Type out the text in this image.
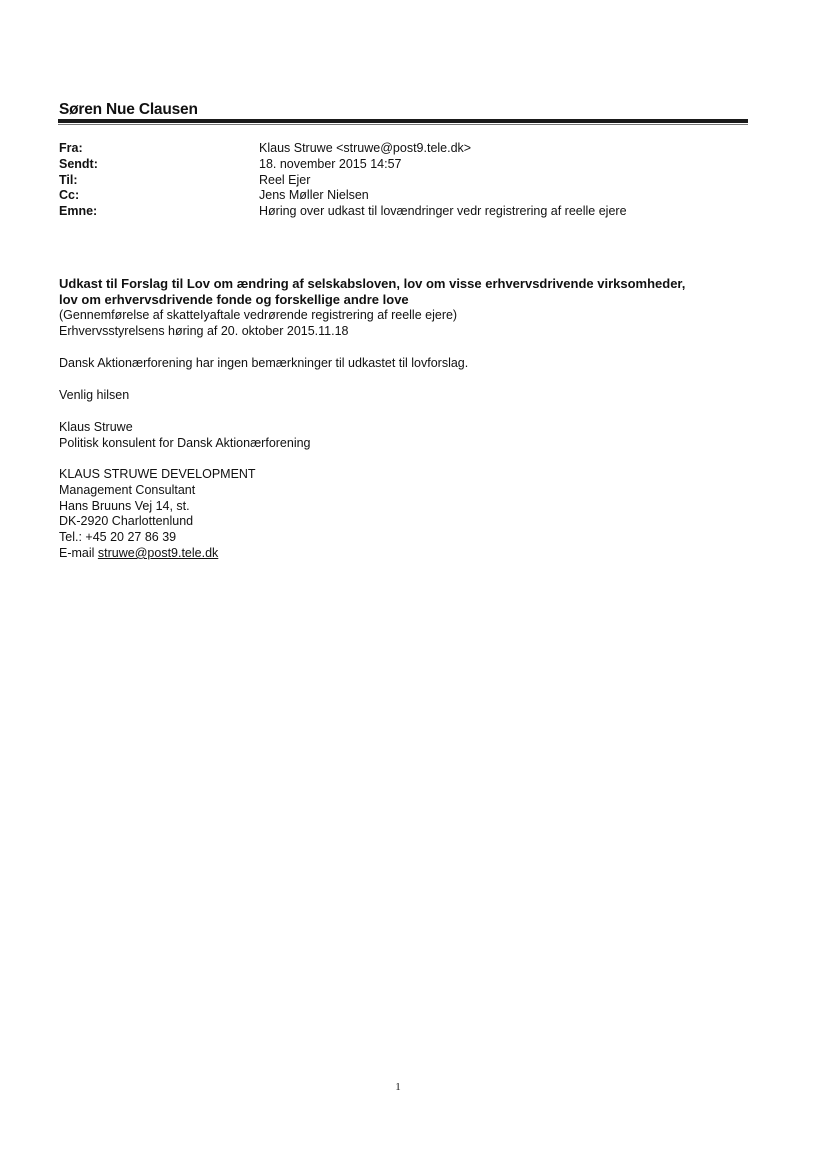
Søren Nue Clausen
Fra:	Klaus Struwe <struwe@post9.tele.dk>
Sendt:	18. november 2015 14:57
Til:	Reel Ejer
Cc:	Jens Møller Nielsen
Emne:	Høring over udkast til lovændringer vedr registrering af reelle ejere
Udkast til Forslag til Lov om ændring af selskabsloven, lov om visse erhvervsdrivende virksomheder,
lov om erhvervsdrivende fonde og forskellige andre love
(Gennemførelse af skatteIyaftale vedrørende registrering af reelle ejere)
Erhvervsstyrelsens høring af 20. oktober 2015.11.18
Dansk Aktionærforening har ingen bemærkninger til udkastet til lovforslag.
Venlig hilsen
Klaus Struwe
Politisk konsulent for Dansk Aktionærforening
KLAUS STRUWE DEVELOPMENT
Management Consultant
Hans Bruuns Vej 14, st.
DK-2920 Charlottenlund
Tel.: +45 20 27 86 39
E-mail struwe@post9.tele.dk
1
